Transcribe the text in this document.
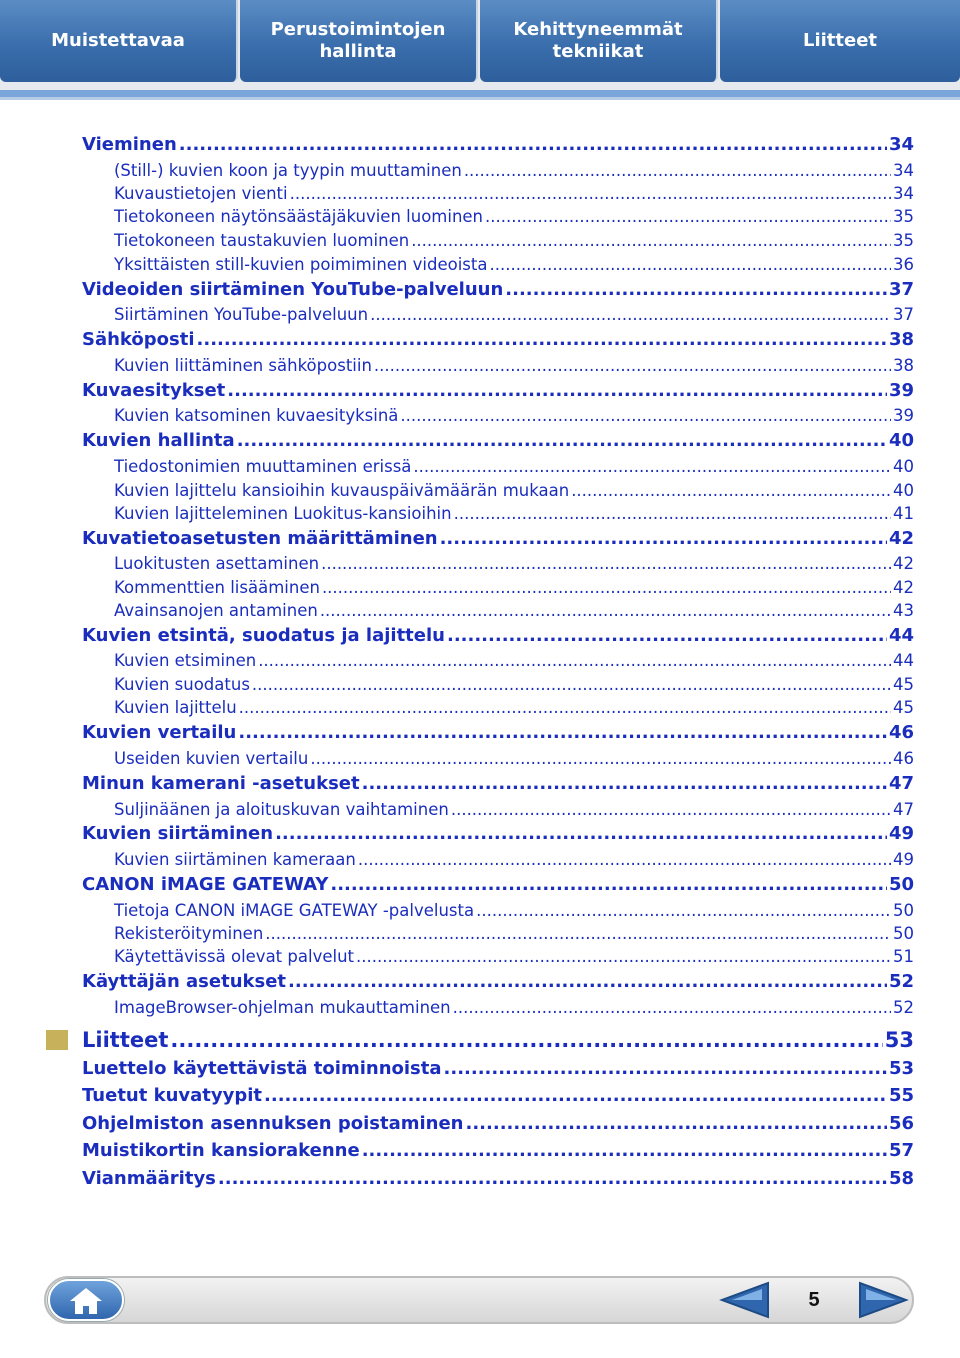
Muistettavaa
Perustoimintojen hallinta
Kehittyneemmät tekniikat
Liitteet
Vieminen .....	34
(Still-) kuvien koon ja tyypin muuttaminen .....	34
Kuvaustietojen vienti .....	34
Tietokoneen näytönsäästäjäkuvien luominen .....	35
Tietokoneen taustakuvien luominen .....	35
Yksittäisten still-kuvien poimiminen videoista .....	36
Videoiden siirtäminen YouTube-palveluun .....	37
Siirtäminen YouTube-palveluun .....	37
Sähköposti .....	38
Kuvien liittäminen sähköpostiin .....	38
Kuvaesitykset .....	39
Kuvien katsominen kuvaesityksinä .....	39
Kuvien hallinta .....	40
Tiedostonimien muuttaminen erissä .....	40
Kuvien lajittelu kansioihin kuvauspäivämäärän mukaan .....	40
Kuvien lajitteleminen Luokitus-kansioihin .....	41
Kuvatietoasetusten määrittäminen .....	42
Luokitusten asettaminen .....	42
Kommenttien lisääminen .....	42
Avainsanojen antaminen .....	43
Kuvien etsintä, suodatus ja lajittelu .....	44
Kuvien etsiminen .....	44
Kuvien suodatus .....	45
Kuvien lajittelu .....	45
Kuvien vertailu .....	46
Useiden kuvien vertailu .....	46
Minun kamerani -asetukset .....	47
Suljinäänen ja aloituskuvan vaihtaminen .....	47
Kuvien siirtäminen .....	49
Kuvien siirtäminen kameraan .....	49
CANON iMAGE GATEWAY .....	50
Tietoja CANON iMAGE GATEWAY -palvelusta .....	50
Rekisteröityminen .....	50
Käytettävissä olevat palvelut .....	51
Käyttäjän asetukset .....	52
ImageBrowser-ohjelman mukauttaminen .....	52
Liitteet .....	53
Luettelo käytettävistä toiminnoista .....	53
Tuetut kuvatyypit .....	55
Ohjelmiston asennuksen poistaminen .....	56
Muistikortin kansiorakenne .....	57
Vianmääritys .....	58
5
